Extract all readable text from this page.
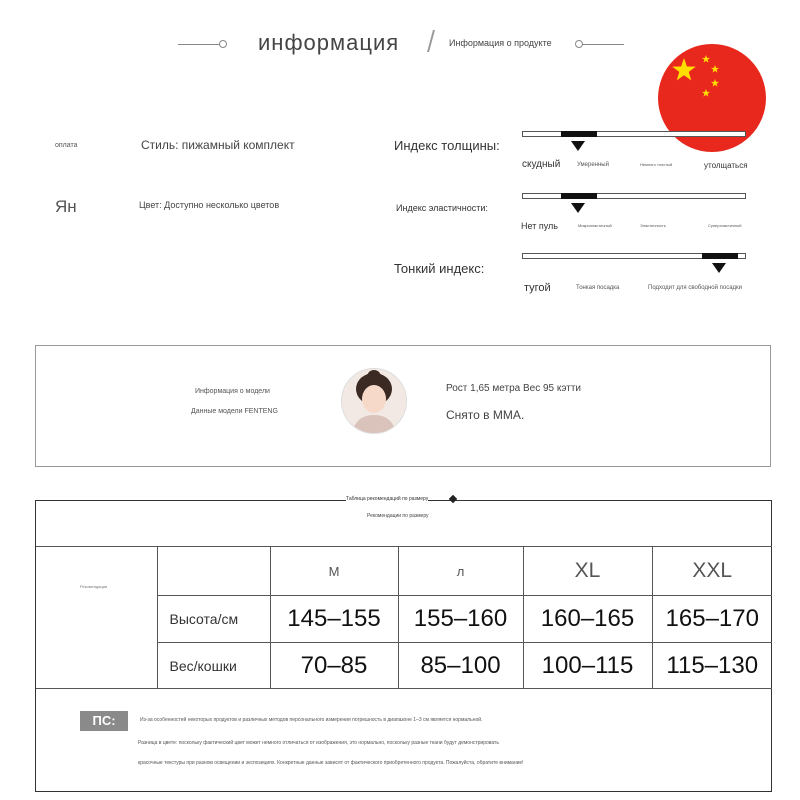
информация	Информация о продукте
оплата	Стиль: пижамный комплект
Ян	Цвет: Доступно несколько цветов
Индекс толщины:
скудный	Умеренный	Немного толстый	утолщаться
Индекс эластичности:
Нет пуль	Микроэластичный	Эластичность	Суперэластичный
Тонкий индекс:
тугой	Тонкая посадка	Подходит для свободной посадки
Информация о модели
Данные модели FENTENG
Рост 1,65 метра Вес 95 кэтти
Снято в ММА.
Таблица рекомендаций по размеру
Рекомендации по размеру
Рекомендации
		M	л	XL	XXL
	Высота/см	145–155	155–160	160–165	165–170
	Вес/кошки	70–85	85–100	100–115	115–130
ПС:	Из-за особенностей некоторых продуктов и различных методов персонального измерения погрешность в диапазоне 1–3 см является нормальной.
Разница в цвете: поскольку фактический цвет может немного отличаться от изображения, это нормально, поскольку разные ткани будут демонстрировать
красочные текстуры при разном освещении и экспозициях. Конкретные данные зависят от фактического приобретенного продукта. Пожалуйста, обратите внимание!
